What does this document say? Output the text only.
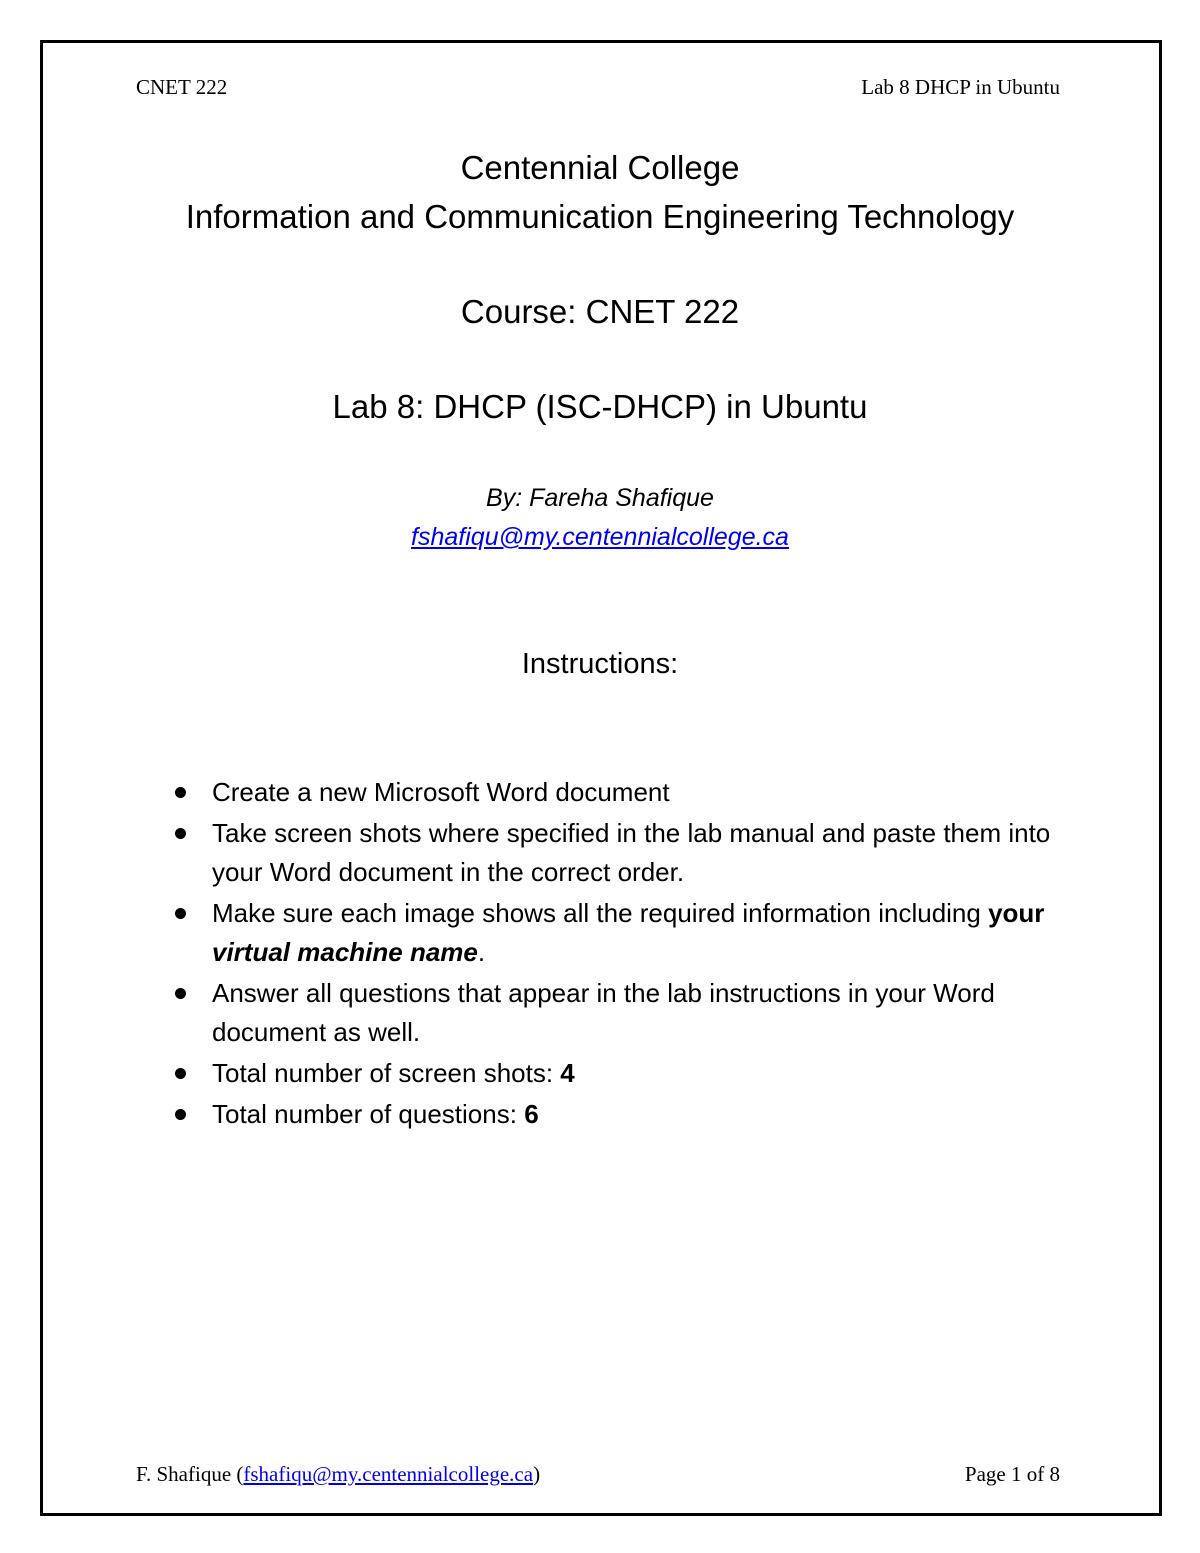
CNET 222	Lab 8 DHCP in Ubuntu
Centennial College
Information and Communication Engineering Technology
Course: CNET 222
Lab 8: DHCP (ISC-DHCP) in Ubuntu
By: Fareha Shafique
fshafiqu@my.centennialcollege.ca
Instructions:
Create a new Microsoft Word document
Take screen shots where specified in the lab manual and paste them into your Word document in the correct order.
Make sure each image shows all the required information including your virtual machine name.
Answer all questions that appear in the lab instructions in your Word document as well.
Total number of screen shots: 4
Total number of questions: 6
F. Shafique (fshafiqu@my.centennialcollege.ca)	Page 1 of 8
